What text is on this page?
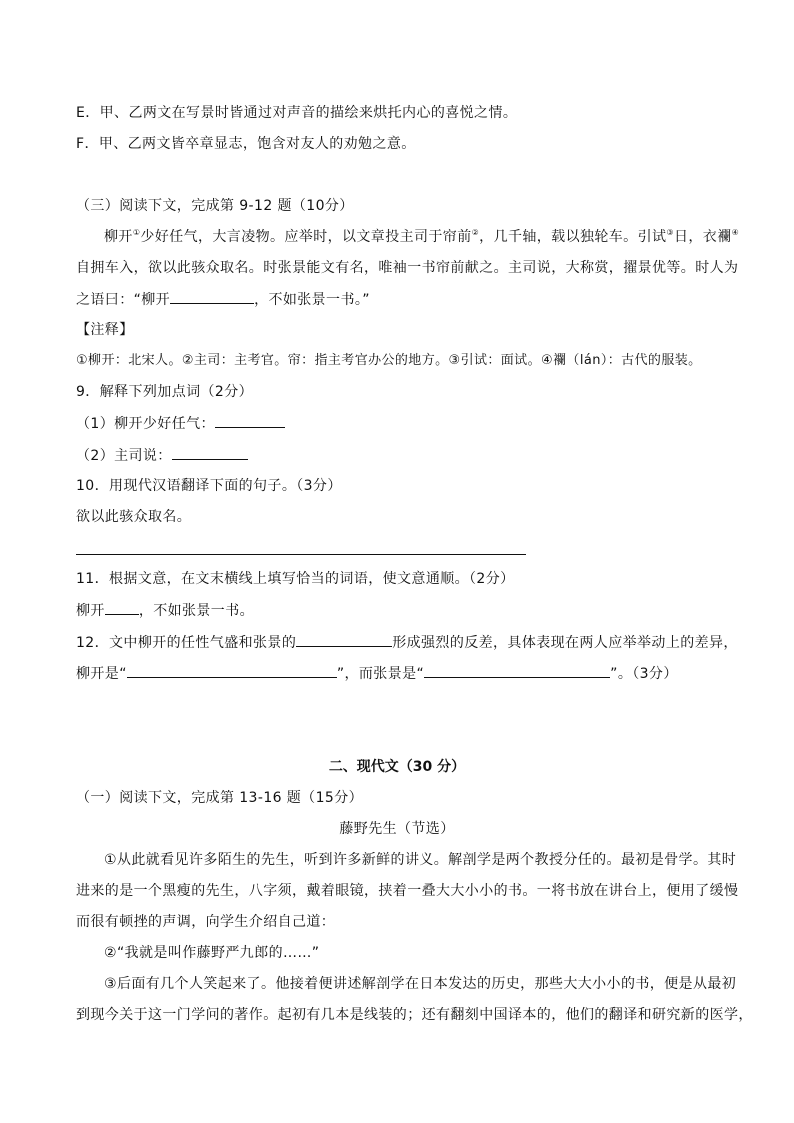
E．甲、乙两文在写景时皆通过对声音的描绘来烘托内心的喜悦之情。
F．甲、乙两文皆卒章显志，饱含对友人的劝勉之意。
（三）阅读下文，完成第 9-12 题（10分）
柳开①少好任气，大言凌物。应举时，以文章投主司于帘前②，几千轴，载以独轮车。引试③日，衣襴④
自拥车入，欲以此骇众取名。时张景能文有名，唯袖一书帘前献之。主司说，大称赏，擢景优等。时人为
之语曰：“柳开	，不如张景一书。”
【注释】
①柳开：北宋人。②主司：主考官。帘：指主考官办公的地方。③引试：面试。④襴（lán）：古代的服装。
9．解释下列加点词（2分）
（1）柳开少好任气：
（2）主司说：
10．用现代汉语翻译下面的句子。（3分）
欲以此骇众取名。
11．根据文意，在文末横线上填写恰当的词语，使文意通顺。（2分）
柳开 ，不如张景一书。
12．文中柳开的任性气盛和张景的	形成强烈的反差，具体表现在两人应举举动上的差异，
柳开是“	”，而张景是“	”。（3分）
二、现代文（30 分）
（一）阅读下文，完成第 13-16 题（15分）
藤野先生（节选）
①从此就看见许多陌生的先生，听到许多新鲜的讲义。解剖学是两个教授分任的。最初是骨学。其时
进来的是一个黑瘦的先生，八字须，戴着眼镜，挟着一叠大大小小的书。一将书放在讲台上，便用了缓慢
而很有顿挫的声调，向学生介绍自己道：
②“我就是叫作藤野严九郎的……”
③后面有几个人笑起来了。他接着便讲述解剖学在日本发达的历史，那些大大小小的书，便是从最初
到现今关于这一门学问的著作。起初有几本是线装的；还有翻刻中国译本的，他们的翻译和研究新的医学，
